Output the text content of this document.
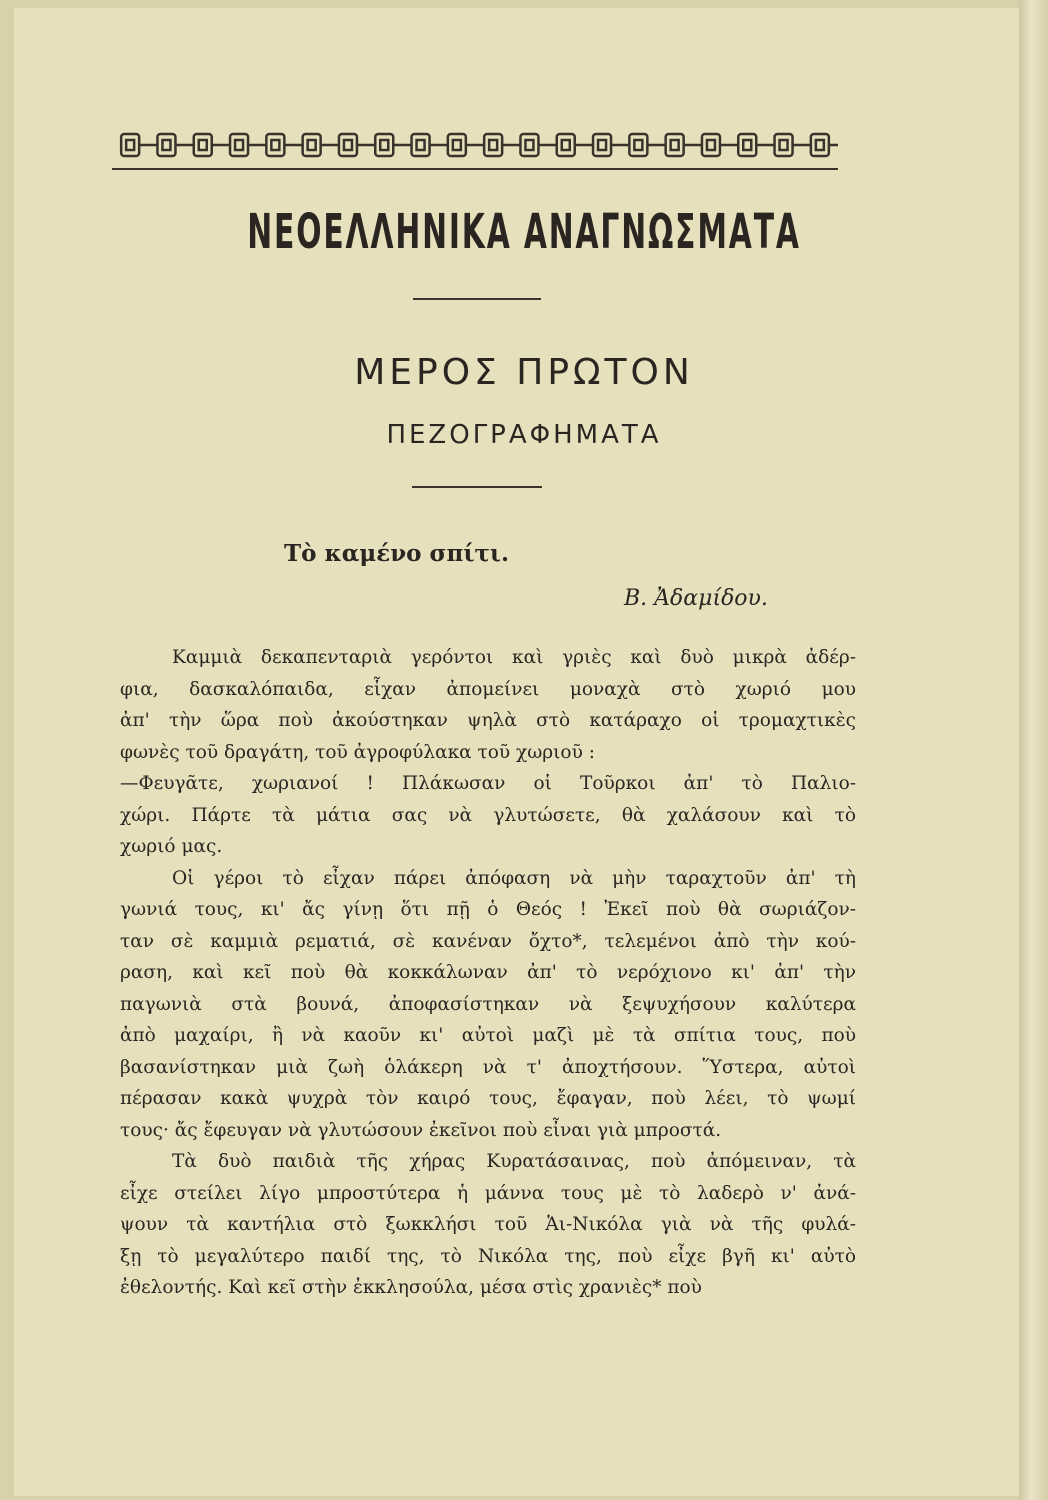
ΝΕΟΕΛΛΗΝΙΚΑ ΑΝΑΓΝΩΣΜΑΤΑ
ΜΕΡΟΣ ΠΡΩΤΟΝ
ΠΕΖΟΓΡΑΦΗΜΑΤΑ
Τὸ καμένο σπίτι.
Β. Ἀδαμίδου.
Καμμιὰ δεκαπενταριὰ γερόντοι καὶ γριὲς καὶ δυὸ μικρὰ ἀδέρ-
φια, δασκαλόπαιδα, εἶχαν ἀπομείνει μοναχὰ στὸ χωριό μου
ἀπ' τὴν ὥρα ποὺ ἀκούστηκαν ψηλὰ στὸ κατάραχο οἱ τρομαχτικὲς
φωνὲς τοῦ δραγάτη, τοῦ ἀγροφύλακα τοῦ χωριοῦ :
—Φευγᾶτε, χωριανοί ! Πλάκωσαν οἱ Τοῦρκοι ἀπ' τὸ Παλιο-
χώρι. Πάρτε τὰ μάτια σας νὰ γλυτώσετε, θὰ χαλάσουν καὶ τὸ
χωριό μας.
Οἱ γέροι τὸ εἶχαν πάρει ἀπόφαση νὰ μὴν ταραχτοῦν ἀπ' τὴ
γωνιά τους, κι' ἄς γίνῃ ὅτι πῇ ὁ Θεός ! Ἐκεῖ ποὺ θὰ σωριάζον-
ταν σὲ καμμιὰ ρεματιά, σὲ κανέναν ὄχτο*, τελεμένοι ἀπὸ τὴν κού-
ραση, καὶ κεῖ ποὺ θὰ κοκκάλωναν ἀπ' τὸ νερόχιονο κι' ἀπ' τὴν
παγωνιὰ στὰ βουνά, ἀποφασίστηκαν νὰ ξεψυχήσουν καλύτερα
ἀπὸ μαχαίρι, ἢ νὰ καοῦν κι' αὐτοὶ μαζὶ μὲ τὰ σπίτια τους, ποὺ
βασανίστηκαν μιὰ ζωὴ ὁλάκερη νὰ τ' ἀποχτήσουν. Ὕστερα, αὐτοὶ
πέρασαν κακὰ ψυχρὰ τὸν καιρό τους, ἔφαγαν, ποὺ λέει, τὸ ψωμί
τους· ἄς ἔφευγαν νὰ γλυτώσουν ἐκεῖνοι ποὺ εἶναι γιὰ μπροστά.
Τὰ δυὸ παιδιὰ τῆς χήρας Κυρατάσαινας, ποὺ ἀπόμειναν, τὰ
εἶχε στείλει λίγο μπροστύτερα ἡ μάννα τους μὲ τὸ λαδερὸ ν' ἀνά-
ψουν τὰ καντήλια στὸ ξωκκλήσι τοῦ Ἁι-Νικόλα γιὰ νὰ τῆς φυλά-
ξῃ τὸ μεγαλύτερο παιδί της, τὸ Νικόλα της, ποὺ εἶχε βγῆ κι' αὐτὸ
ἐθελοντής. Καὶ κεῖ στὴν ἐκκλησούλα, μέσα στὶς χρανιὲς* ποὺ
